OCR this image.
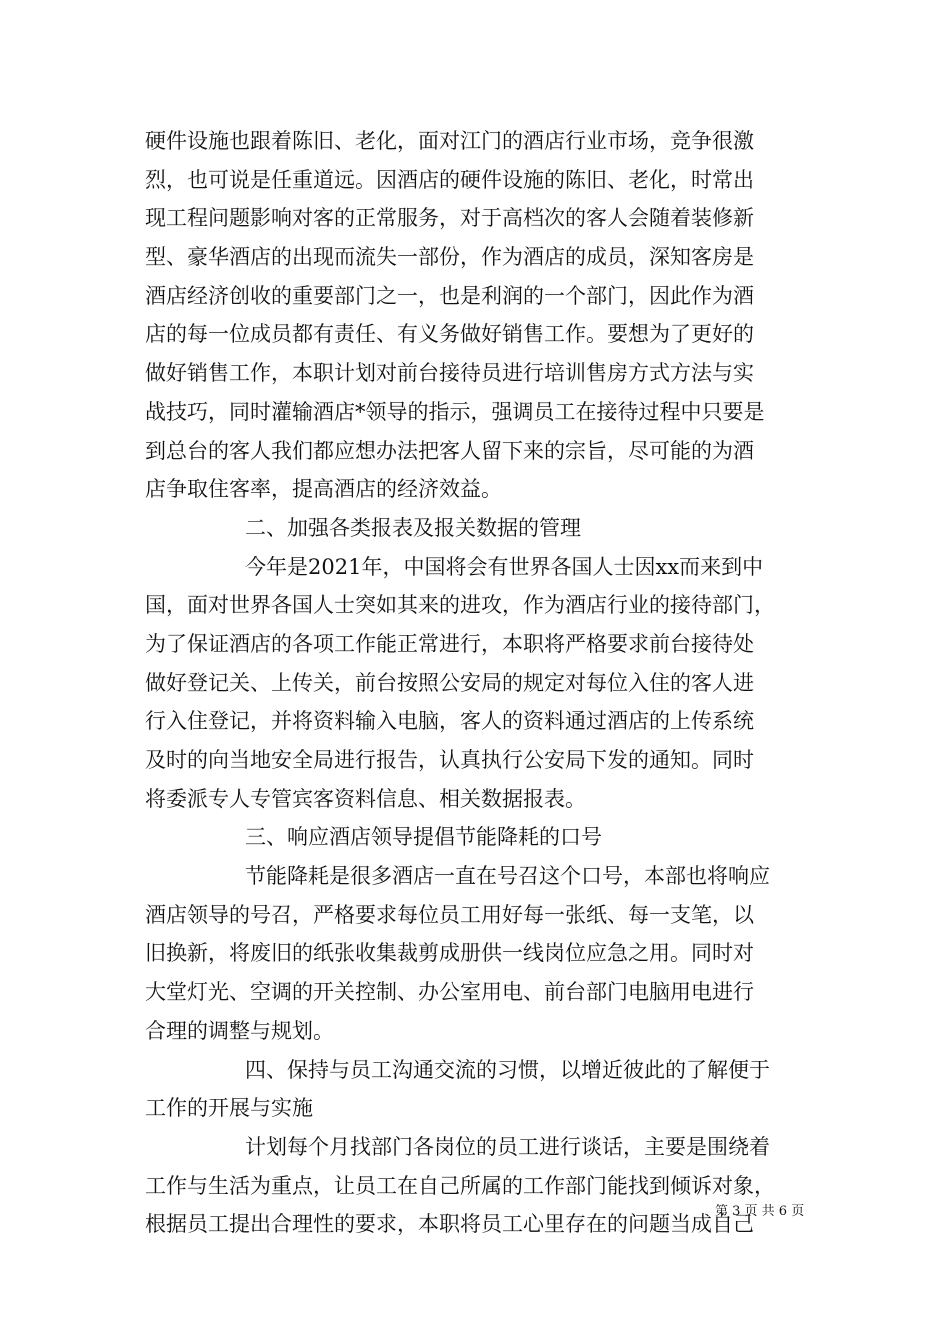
硬件设施也跟着陈旧、老化，面对江门的酒店行业市场，竞争很激
烈，也可说是任重道远。因酒店的硬件设施的陈旧、老化，时常出
现工程问题影响对客的正常服务，对于高档次的客人会随着装修新
型、豪华酒店的出现而流失一部份，作为酒店的成员，深知客房是
酒店经济创收的重要部门之一，也是利润的一个部门，因此作为酒
店的每一位成员都有责任、有义务做好销售工作。要想为了更好的
做好销售工作，本职计划对前台接待员进行培训售房方式方法与实
战技巧，同时灌输酒店*领导的指示，强调员工在接待过程中只要是
到总台的客人我们都应想办法把客人留下来的宗旨，尽可能的为酒
店争取住客率，提高酒店的经济效益。
二、加强各类报表及报关数据的管理
今年是2021年，中国将会有世界各国人士因xx而来到中
国，面对世界各国人士突如其来的进攻，作为酒店行业的接待部门，
为了保证酒店的各项工作能正常进行，本职将严格要求前台接待处
做好登记关、上传关，前台按照公安局的规定对每位入住的客人进
行入住登记，并将资料输入电脑，客人的资料通过酒店的上传系统
及时的向当地安全局进行报告，认真执行公安局下发的通知。同时
将委派专人专管宾客资料信息、相关数据报表。
三、响应酒店领导提倡节能降耗的口号
节能降耗是很多酒店一直在号召这个口号，本部也将响应
酒店领导的号召，严格要求每位员工用好每一张纸、每一支笔，以
旧换新，将废旧的纸张收集裁剪成册供一线岗位应急之用。同时对
大堂灯光、空调的开关控制、办公室用电、前台部门电脑用电进行
合理的调整与规划。
四、保持与员工沟通交流的习惯，以增近彼此的了解便于
工作的开展与实施
计划每个月找部门各岗位的员工进行谈话，主要是围绕着
工作与生活为重点，让员工在自己所属的工作部门能找到倾诉对象，
根据员工提出合理性的要求，本职将员工心里存在的问题当成自己
第 3 页 共 6 页
